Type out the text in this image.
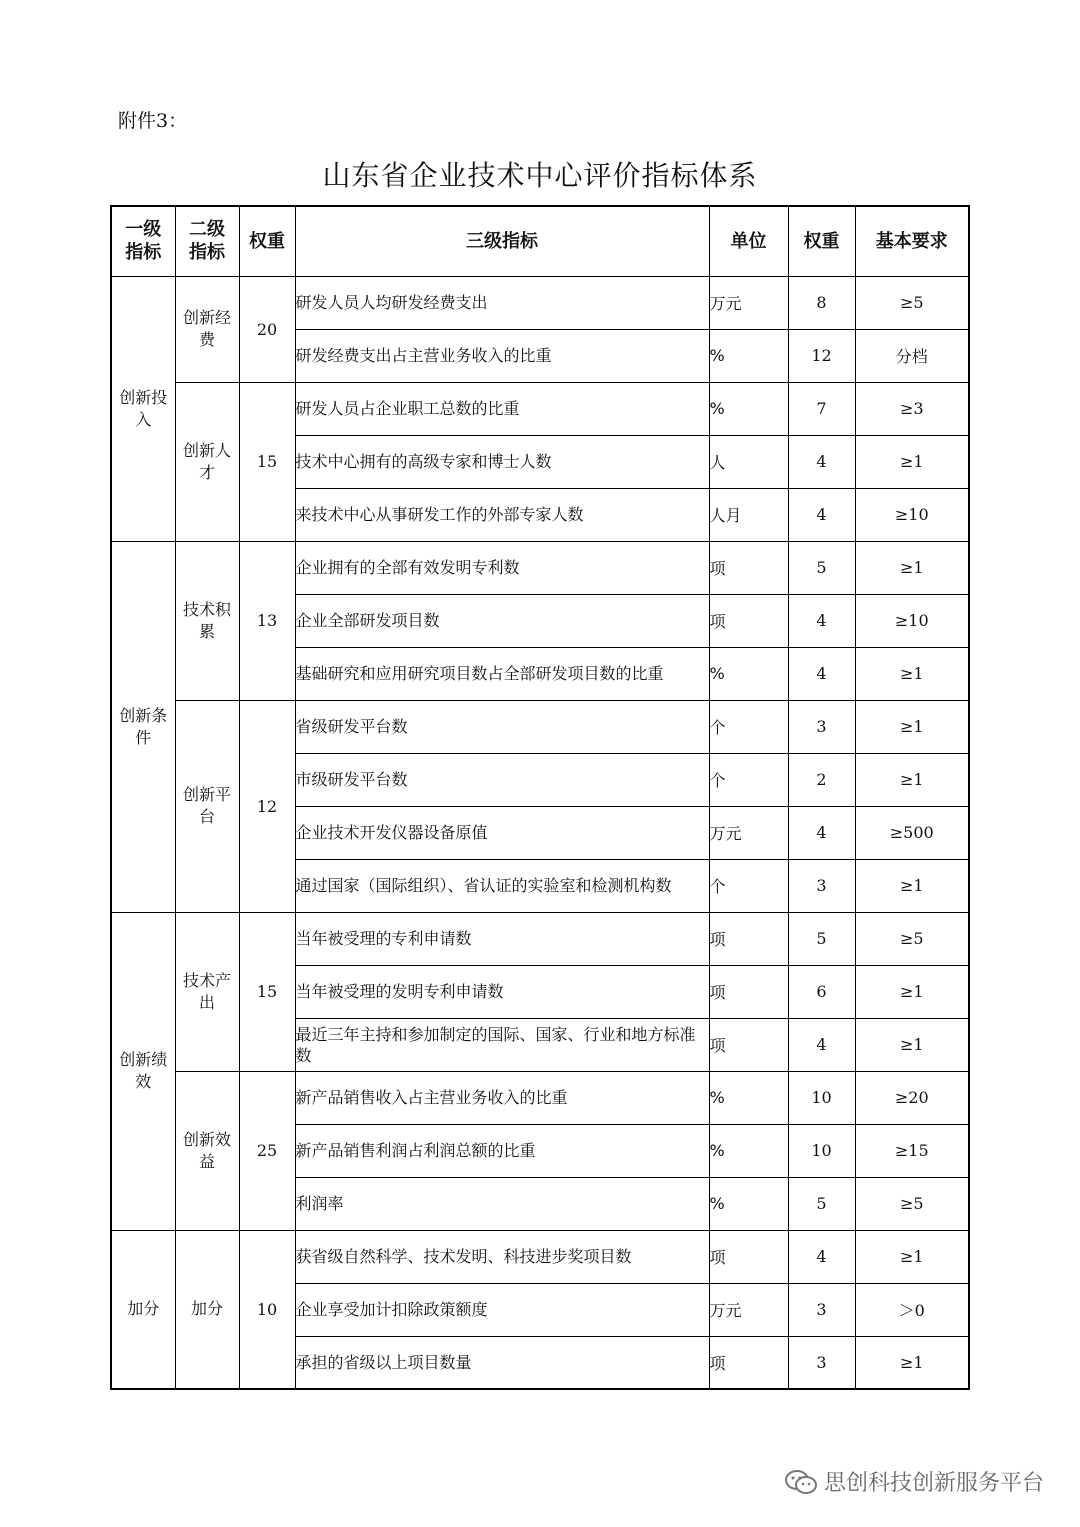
附件3：
山东省企业技术中心评价指标体系
一级指标	二级指标	权重	三级指标	单位	权重	基本要求
创新投入	创新经费	20	研发人员人均研发经费支出	万元	8	≥5
			研发经费支出占主营业务收入的比重	%	12	分档
	创新人才	15	研发人员占企业职工总数的比重	%	7	≥3
			技术中心拥有的高级专家和博士人数	人	4	≥1
			来技术中心从事研发工作的外部专家人数	人月	4	≥10
创新条件	技术积累	13	企业拥有的全部有效发明专利数	项	5	≥1
			企业全部研发项目数	项	4	≥10
			基础研究和应用研究项目数占全部研发项目数的比重	%	4	≥1
	创新平台	12	省级研发平台数	个	3	≥1
			市级研发平台数	个	2	≥1
			企业技术开发仪器设备原值	万元	4	≥500
			通过国家（国际组织）、省认证的实验室和检测机构数	个	3	≥1
创新绩效	技术产出	15	当年被受理的专利申请数	项	5	≥5
			当年被受理的发明专利申请数	项	6	≥1
			最近三年主持和参加制定的国际、国家、行业和地方标准数	项	4	≥1
	创新效益	25	新产品销售收入占主营业务收入的比重	%	10	≥20
			新产品销售利润占利润总额的比重	%	10	≥15
			利润率	%	5	≥5
加分	加分	10	获省级自然科学、技术发明、科技进步奖项目数	项	4	≥1
			企业享受加计扣除政策额度	万元	3	＞0
			承担的省级以上项目数量	项	3	≥1
思创科技创新服务平台
